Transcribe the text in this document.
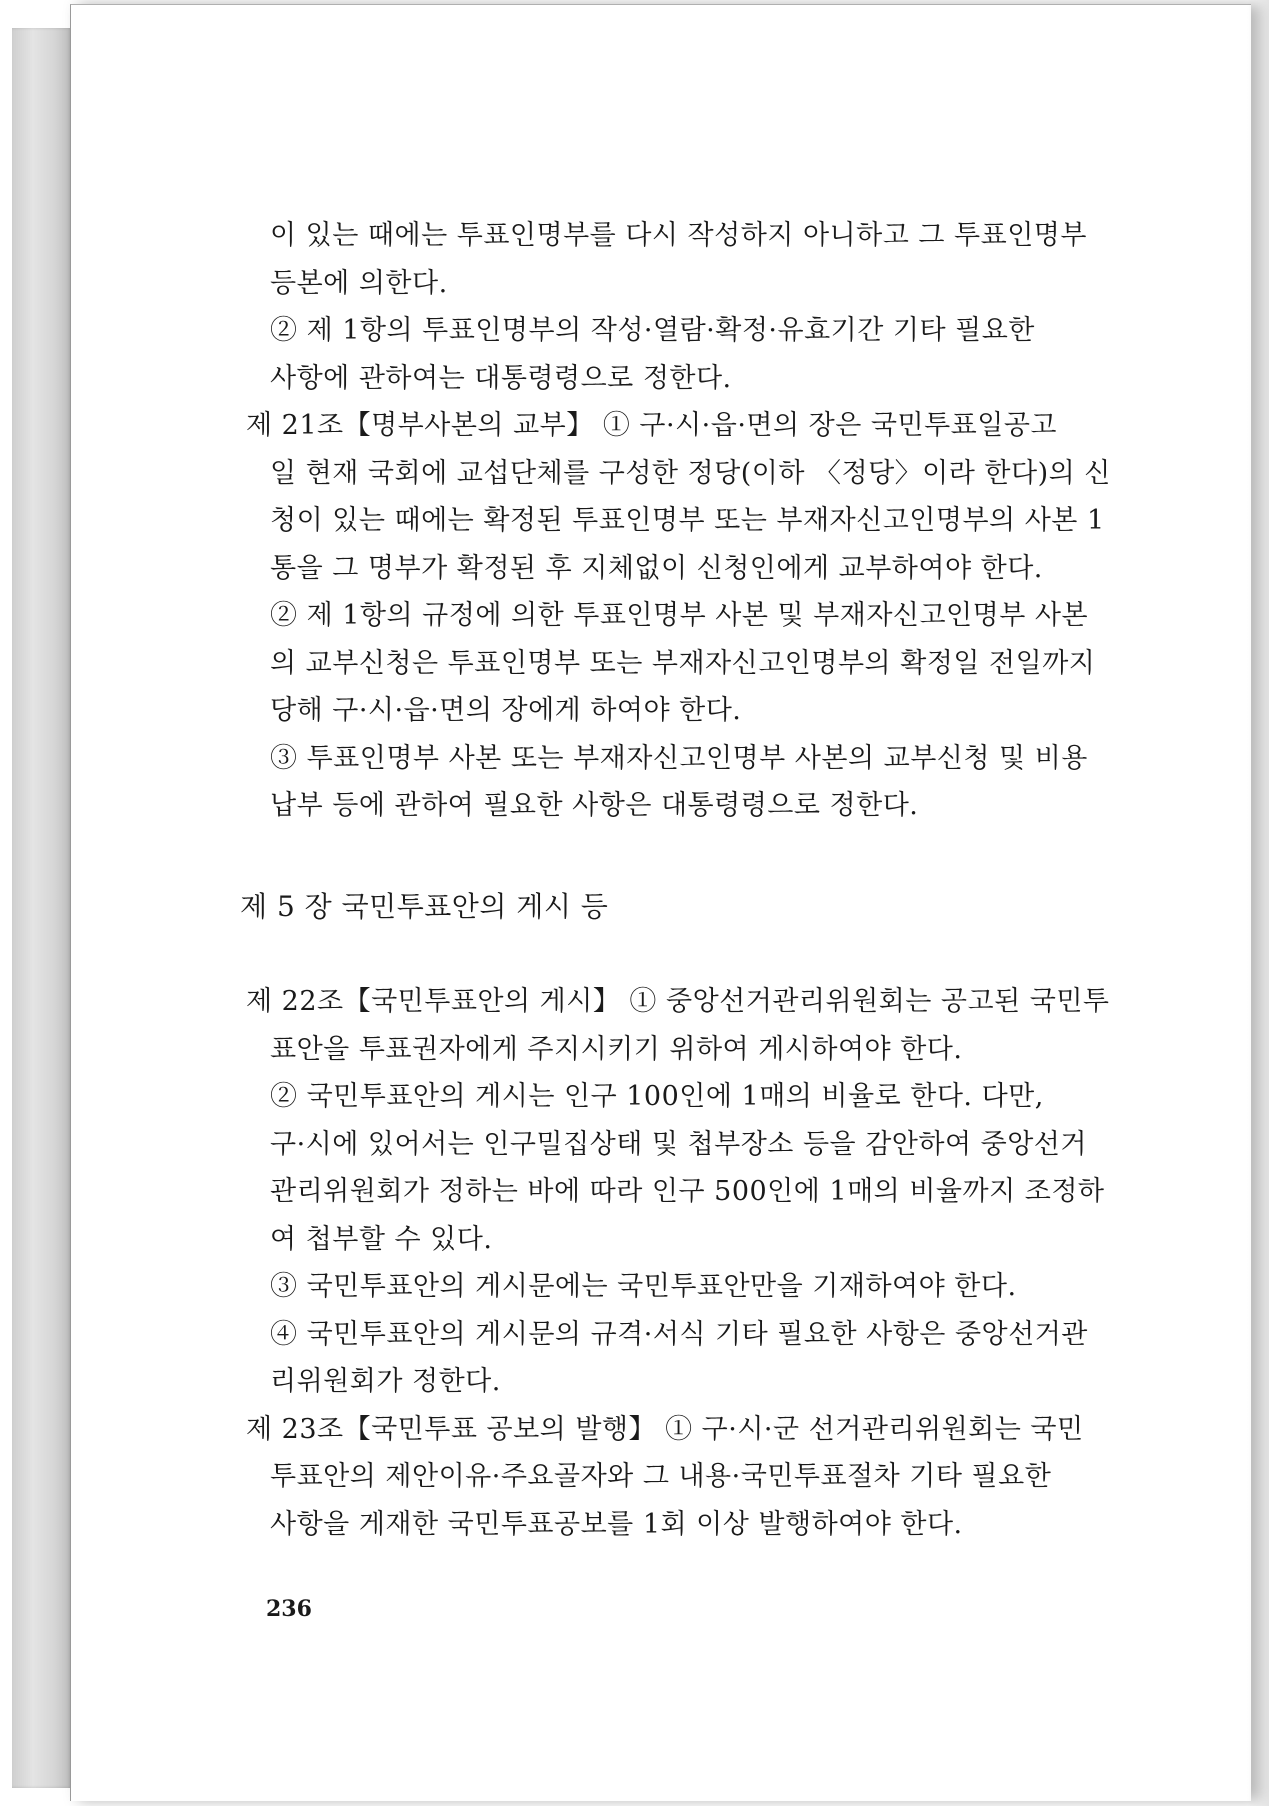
이 있는 때에는 투표인명부를 다시 작성하지 아니하고 그 투표인명부
등본에 의한다.
② 제 1항의 투표인명부의 작성·열람·확정·유효기간 기타 필요한
사항에 관하여는 대통령령으로 정한다.
제 21조【명부사본의 교부】 ① 구·시·읍·면의 장은 국민투표일공고
일 현재 국회에 교섭단체를 구성한 정당(이하 〈정당〉이라 한다)의 신
청이 있는 때에는 확정된 투표인명부 또는 부재자신고인명부의 사본 1
통을 그 명부가 확정된 후 지체없이 신청인에게 교부하여야 한다.
② 제 1항의 규정에 의한 투표인명부 사본 및 부재자신고인명부 사본
의 교부신청은 투표인명부 또는 부재자신고인명부의 확정일 전일까지
당해 구·시·읍·면의 장에게 하여야 한다.
③ 투표인명부 사본 또는 부재자신고인명부 사본의 교부신청 및 비용
납부 등에 관하여 필요한 사항은 대통령령으로 정한다.
제 5 장 국민투표안의 게시 등
제 22조【국민투표안의 게시】 ① 중앙선거관리위원회는 공고된 국민투
표안을 투표권자에게 주지시키기 위하여 게시하여야 한다.
② 국민투표안의 게시는 인구 100인에 1매의 비율로 한다. 다만,
구·시에 있어서는 인구밀집상태 및 첩부장소 등을 감안하여 중앙선거
관리위원회가 정하는 바에 따라 인구 500인에 1매의 비율까지 조정하
여 첩부할 수 있다.
③ 국민투표안의 게시문에는 국민투표안만을 기재하여야 한다.
④ 국민투표안의 게시문의 규격·서식 기타 필요한 사항은 중앙선거관
리위원회가 정한다.
제 23조【국민투표 공보의 발행】 ① 구·시·군 선거관리위원회는 국민
투표안의 제안이유·주요골자와 그 내용·국민투표절차 기타 필요한
사항을 게재한 국민투표공보를 1회 이상 발행하여야 한다.
236
